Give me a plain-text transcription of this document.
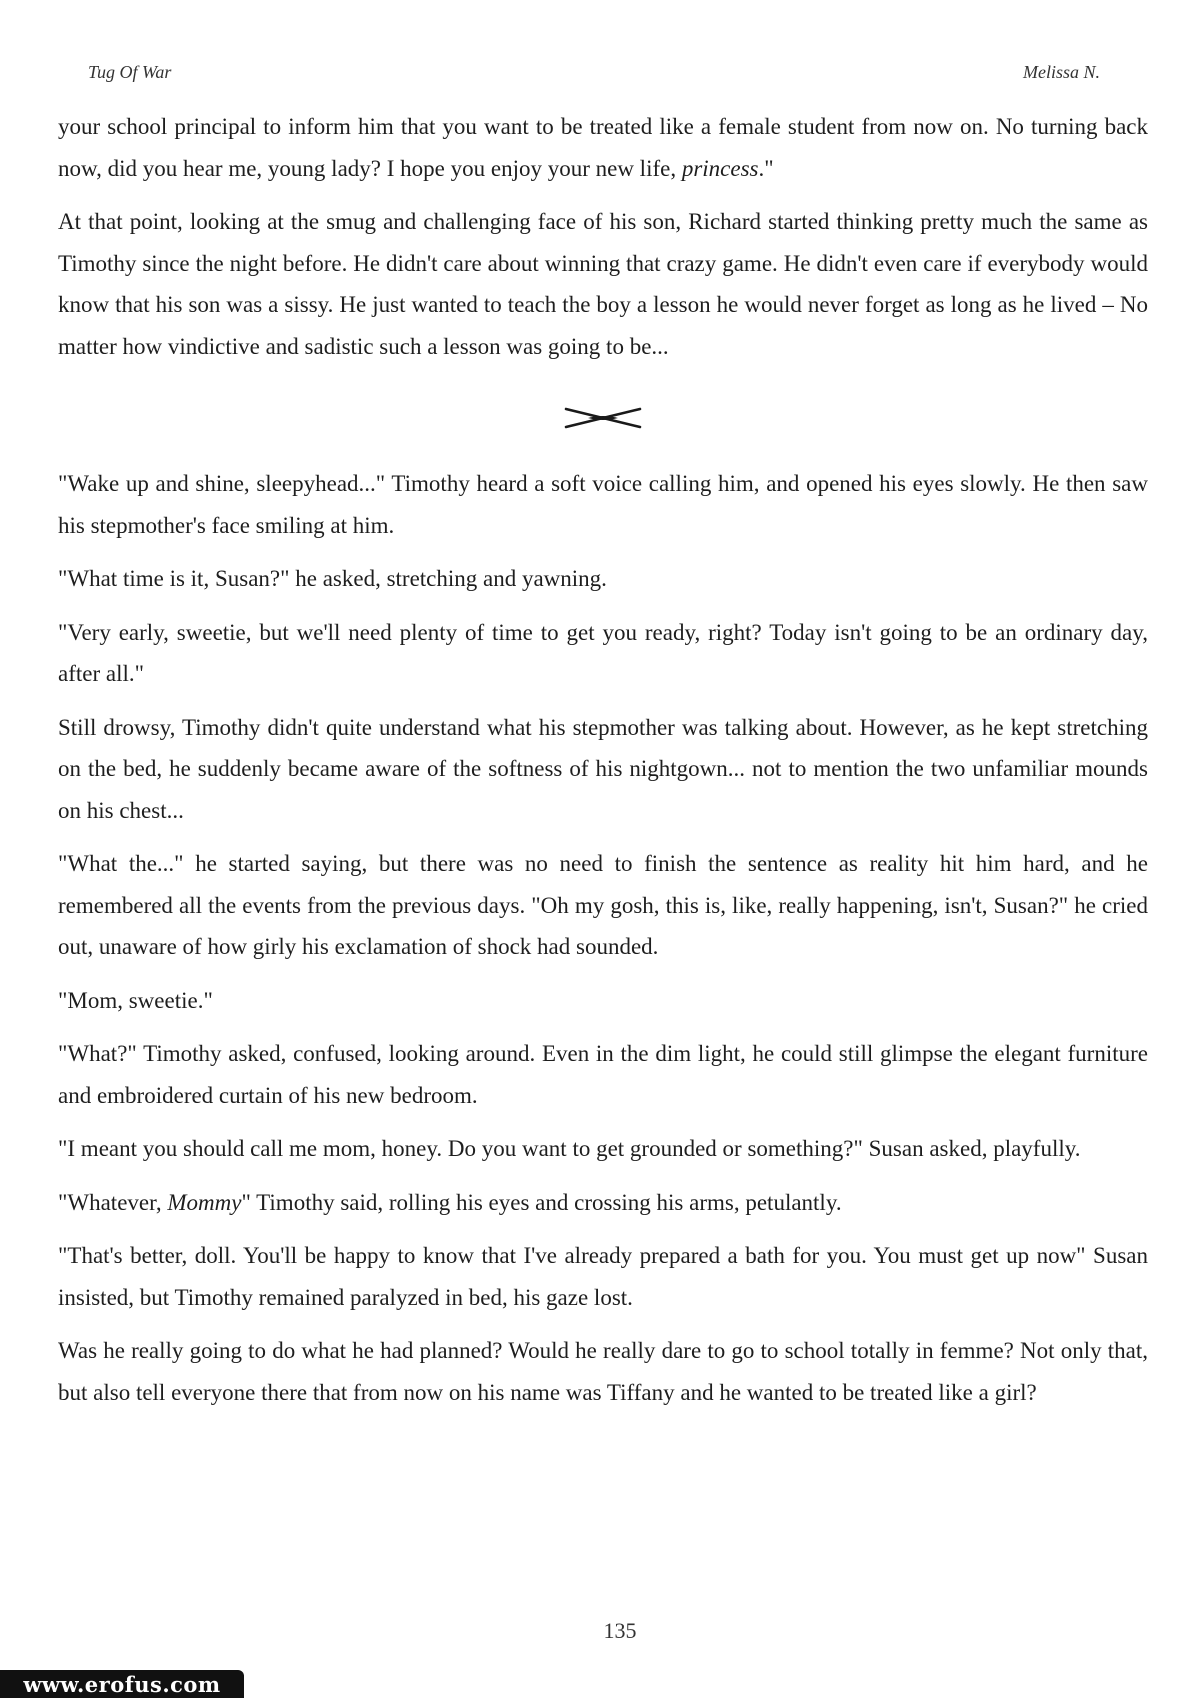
Tug Of War	Melissa N.

your school principal to inform him that you want to be treated like a female student from now on. No turning back now, did you hear me, young lady? I hope you enjoy your new life, princess."

At that point, looking at the smug and challenging face of his son, Richard started thinking pretty much the same as Timothy since the night before. He didn't care about winning that crazy game. He didn't even care if everybody would know that his son was a sissy. He just wanted to teach the boy a lesson he would never forget as long as he lived – No matter how vindictive and sadistic such a lesson was going to be...

"Wake up and shine, sleepyhead..." Timothy heard a soft voice calling him, and opened his eyes slowly. He then saw his stepmother's face smiling at him.

"What time is it, Susan?" he asked, stretching and yawning.

"Very early, sweetie, but we'll need plenty of time to get you ready, right? Today isn't going to be an ordinary day, after all."

Still drowsy, Timothy didn't quite understand what his stepmother was talking about. However, as he kept stretching on the bed, he suddenly became aware of the softness of his nightgown... not to mention the two unfamiliar mounds on his chest...

"What the..." he started saying, but there was no need to finish the sentence as reality hit him hard, and he remembered all the events from the previous days. "Oh my gosh, this is, like, really happening, isn't, Susan?" he cried out, unaware of how girly his exclamation of shock had sounded.

"Mom, sweetie."

"What?" Timothy asked, confused, looking around. Even in the dim light, he could still glimpse the elegant furniture and embroidered curtain of his new bedroom.

"I meant you should call me mom, honey. Do you want to get grounded or something?" Susan asked, playfully.

"Whatever, Mommy" Timothy said, rolling his eyes and crossing his arms, petulantly.

"That's better, doll. You'll be happy to know that I've already prepared a bath for you. You must get up now" Susan insisted, but Timothy remained paralyzed in bed, his gaze lost.

Was he really going to do what he had planned? Would he really dare to go to school totally in femme? Not only that, but also tell everyone there that from now on his name was Tiffany and he wanted to be treated like a girl?

135
www.erofus.com
